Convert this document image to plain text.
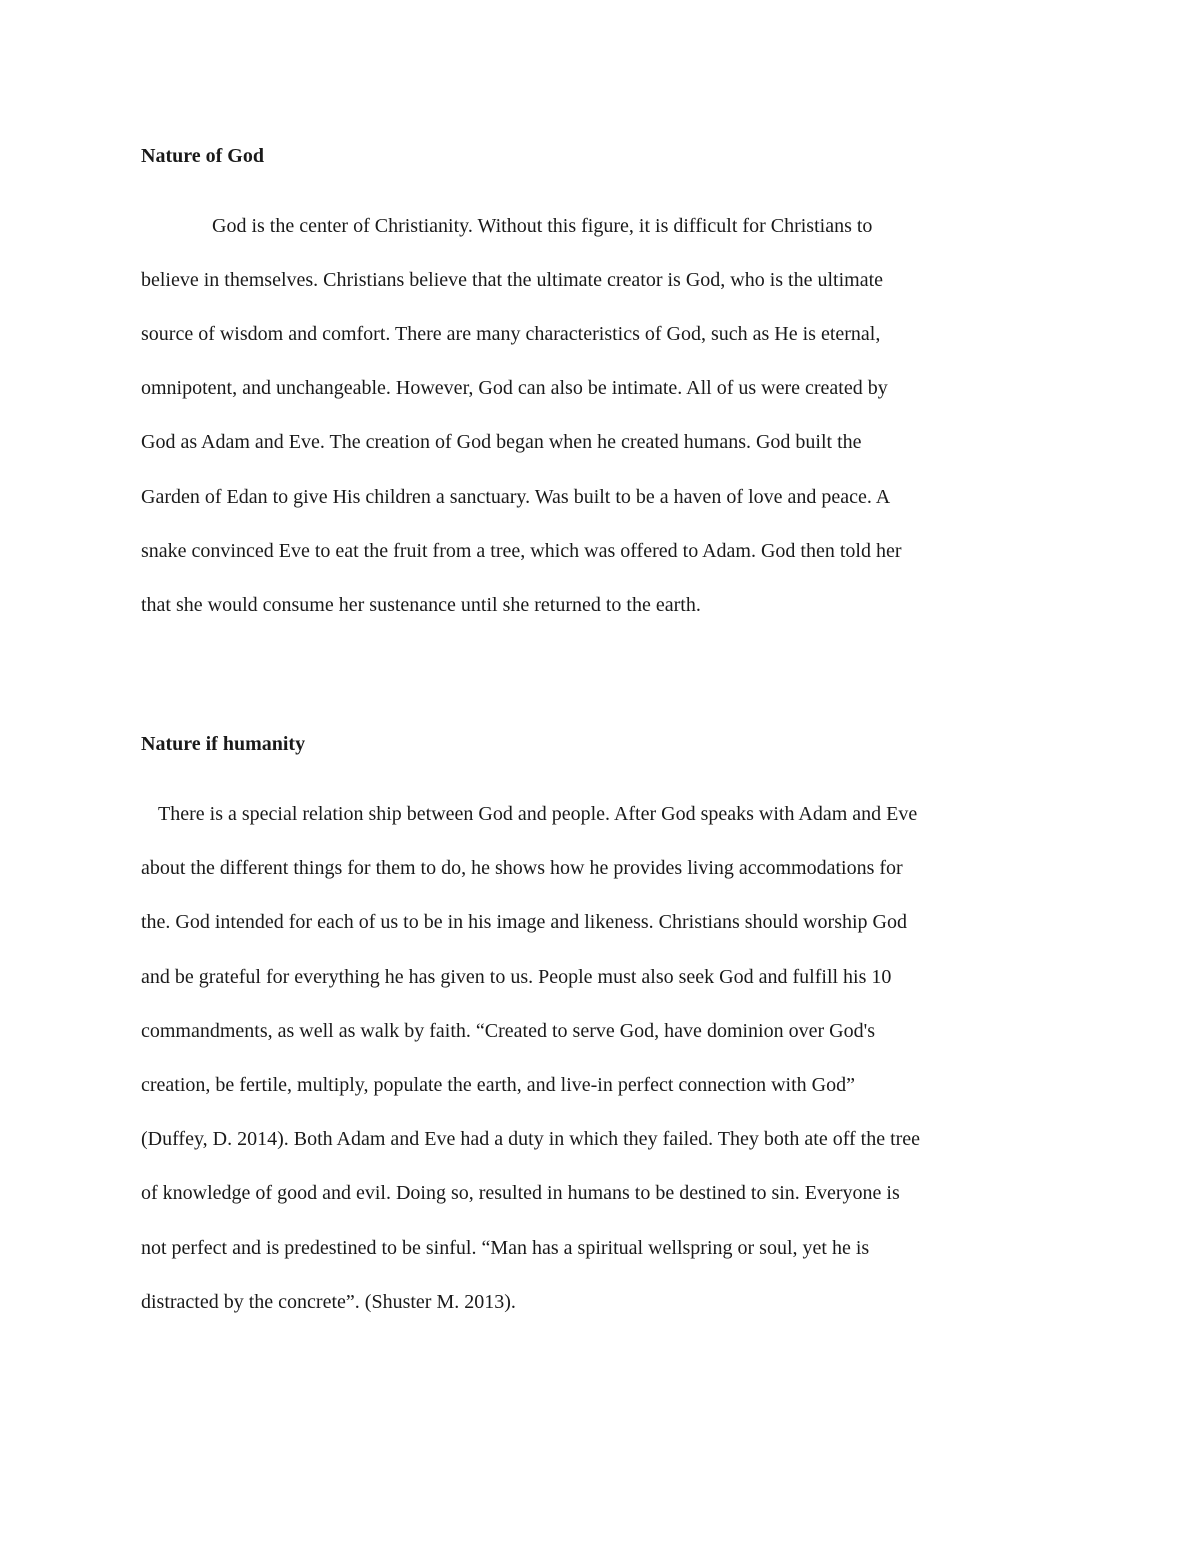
Nature of God

God is the center of Christianity. Without this figure, it is difficult for Christians to

believe in themselves. Christians believe that the ultimate creator is God, who is the ultimate

source of wisdom and comfort. There are many characteristics of God, such as He is eternal,

omnipotent, and unchangeable. However, God can also be intimate. All of us were created by

God as Adam and Eve. The creation of God began when he created humans. God built the

Garden of Edan to give His children a sanctuary. Was built to be a haven of love and peace. A

snake convinced Eve to eat the fruit from a tree, which was offered to Adam. God then told her

that she would consume her sustenance until she returned to the earth.

Nature if humanity

There is a special relation ship between God and people. After God speaks with Adam and Eve

about the different things for them to do, he shows how he provides living accommodations for

the. God intended for each of us to be in his image and likeness. Christians should worship God

and be grateful for everything he has given to us. People must also seek God and fulfill his 10

commandments, as well as walk by faith. “Created to serve God, have dominion over God's

creation, be fertile, multiply, populate the earth, and live-in perfect connection with God”

(Duffey, D. 2014). Both Adam and Eve had a duty in which they failed. They both ate off the tree

of knowledge of good and evil. Doing so, resulted in humans to be destined to sin. Everyone is

not perfect and is predestined to be sinful. “Man has a spiritual wellspring or soul, yet he is

distracted by the concrete”. (Shuster M. 2013).
